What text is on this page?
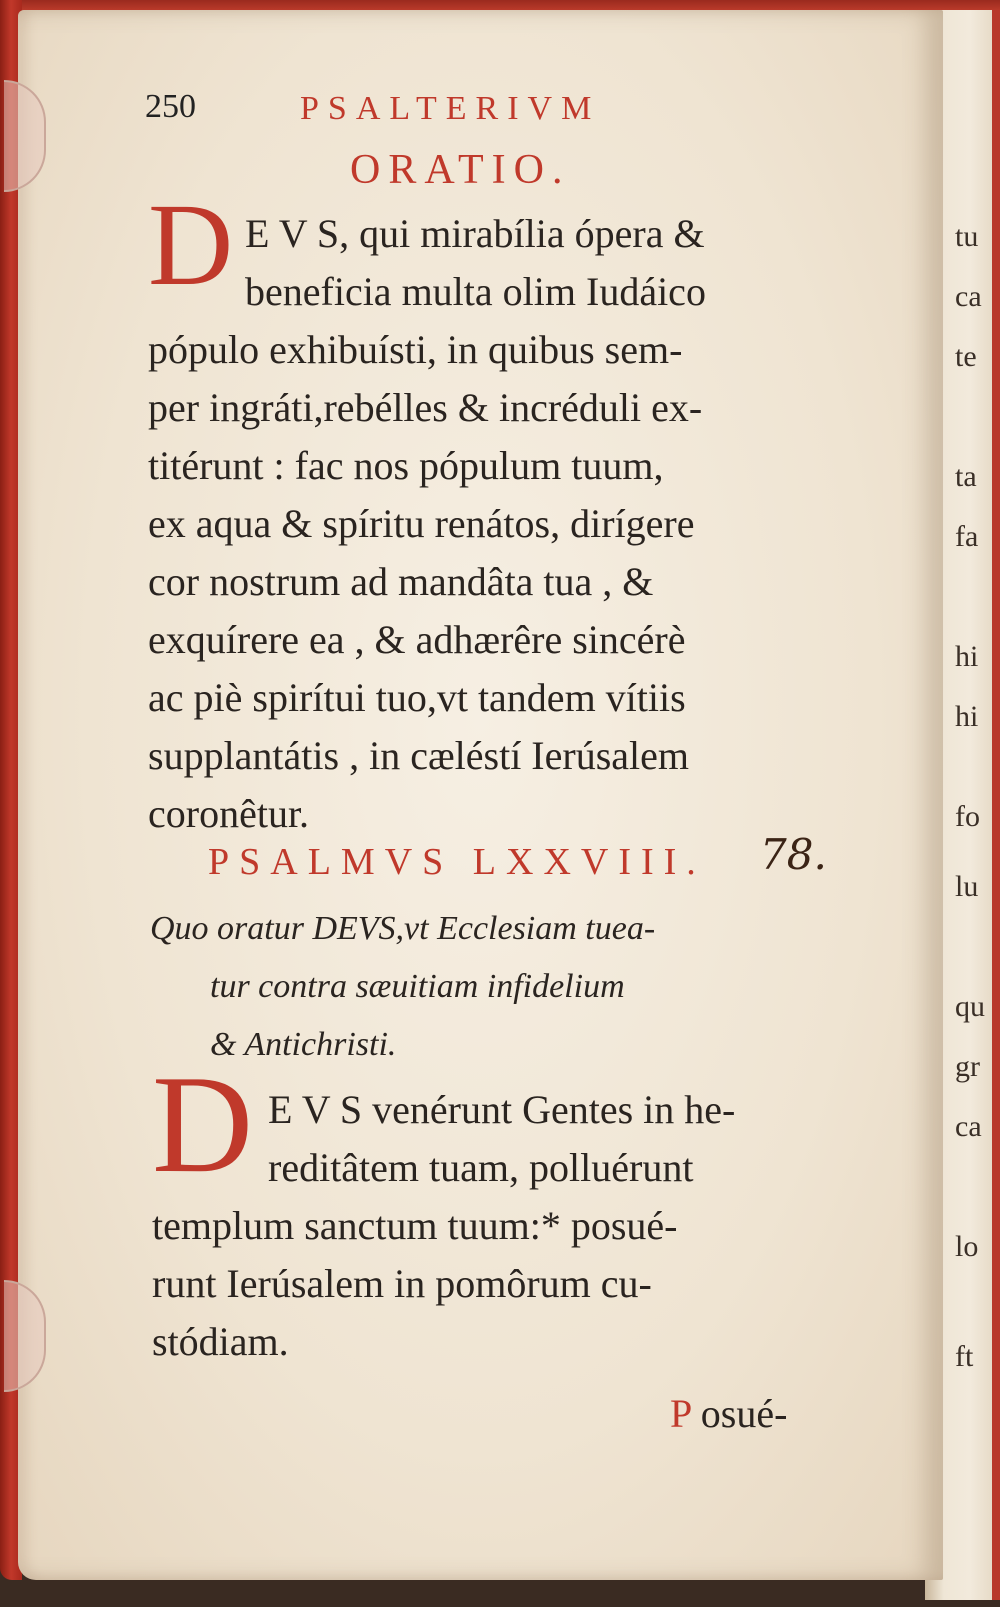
tu
ca
te
ta
fa
hi
hi
fo
lu
qu
gr
ca
lo
ft
250	PSALTERIVM
ORATIO.
D E V S, qui mirabília ópera &
beneficia multa olim Iudáico
pópulo exhibuísti, in quibus sem-
per ingráti,rebélles & incréduli ex-
titérunt : fac nos pópulum tuum,
ex aqua & spíritu renátos, dirígere
cor nostrum ad mandâta tua , &
exquírere ea , & adhærêre sincérè
ac piè spirítui tuo,vt tandem vítiis
supplantátis , in cæléstí Ierúsalem
coronêtur.
PSALMVS LXXVIII. 78.
Quo oratur DEVS,vt Ecclesiam tuea-
tur contra sæuitiam infidelium
& Antichristi.
D E V S venérunt Gentes in he-
reditâtem tuam, polluérunt
templum sanctum tuum:* posué-
runt Ierúsalem in pomôrum cu-
stódiam.
P osué-
